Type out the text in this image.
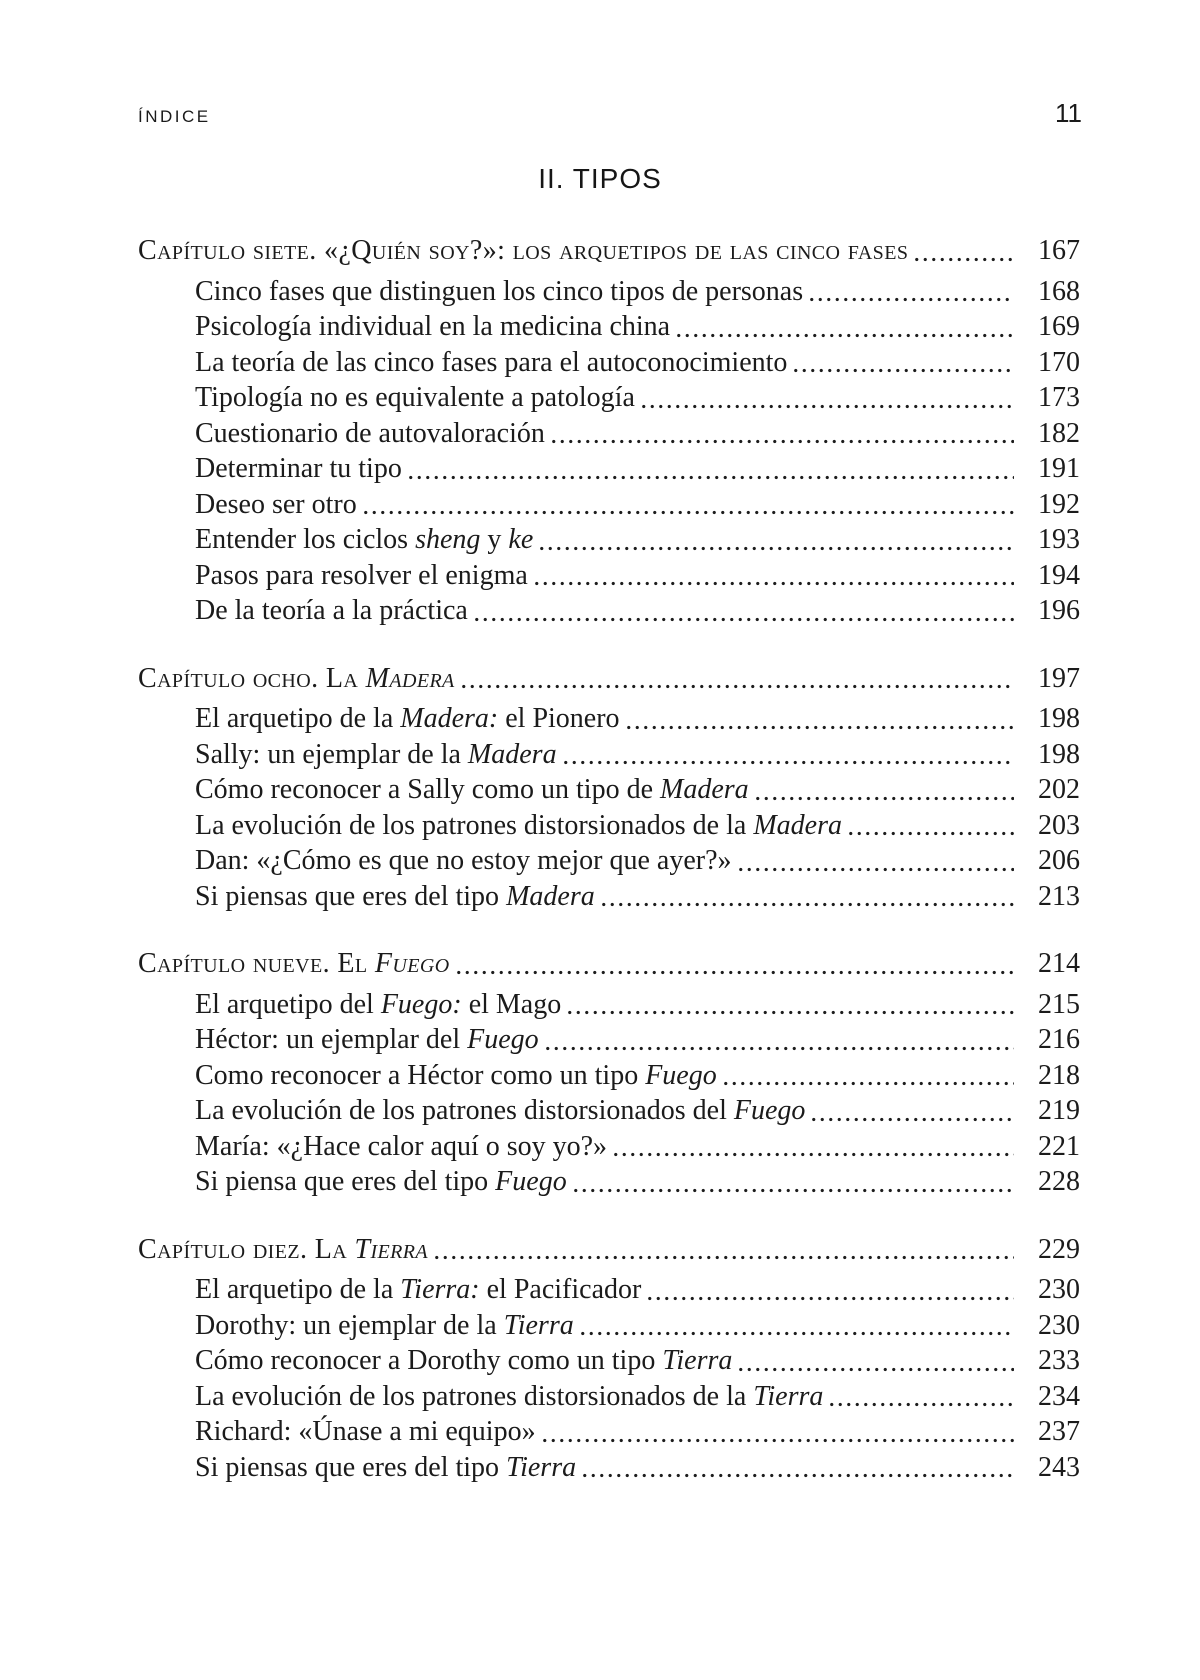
ÍNDICE	11
II. TIPOS
Capítulo siete. «¿Quién soy?»: los arquetipos de las cinco fases	167
Cinco fases que distinguen los cinco tipos de personas	168
Psicología individual en la medicina china	169
La teoría de las cinco fases para el autoconocimiento	170
Tipología no es equivalente a patología	173
Cuestionario de autovaloración	182
Determinar tu tipo	191
Deseo ser otro	192
Entender los ciclos sheng y ke	193
Pasos para resolver el enigma	194
De la teoría a la práctica	196
Capítulo ocho. La Madera	197
El arquetipo de la Madera: el Pionero	198
Sally: un ejemplar de la Madera	198
Cómo reconocer a Sally como un tipo de Madera	202
La evolución de los patrones distorsionados de la Madera	203
Dan: «¿Cómo es que no estoy mejor que ayer?»	206
Si piensas que eres del tipo Madera	213
Capítulo nueve. El Fuego	214
El arquetipo del Fuego: el Mago	215
Héctor: un ejemplar del Fuego	216
Como reconocer a Héctor como un tipo Fuego	218
La evolución de los patrones distorsionados del Fuego	219
María: «¿Hace calor aquí o soy yo?»	221
Si piensa que eres del tipo Fuego	228
Capítulo diez. La Tierra	229
El arquetipo de la Tierra: el Pacificador	230
Dorothy: un ejemplar de la Tierra	230
Cómo reconocer a Dorothy como un tipo Tierra	233
La evolución de los patrones distorsionados de la Tierra	234
Richard: «Únase a mi equipo»	237
Si piensas que eres del tipo Tierra	243
